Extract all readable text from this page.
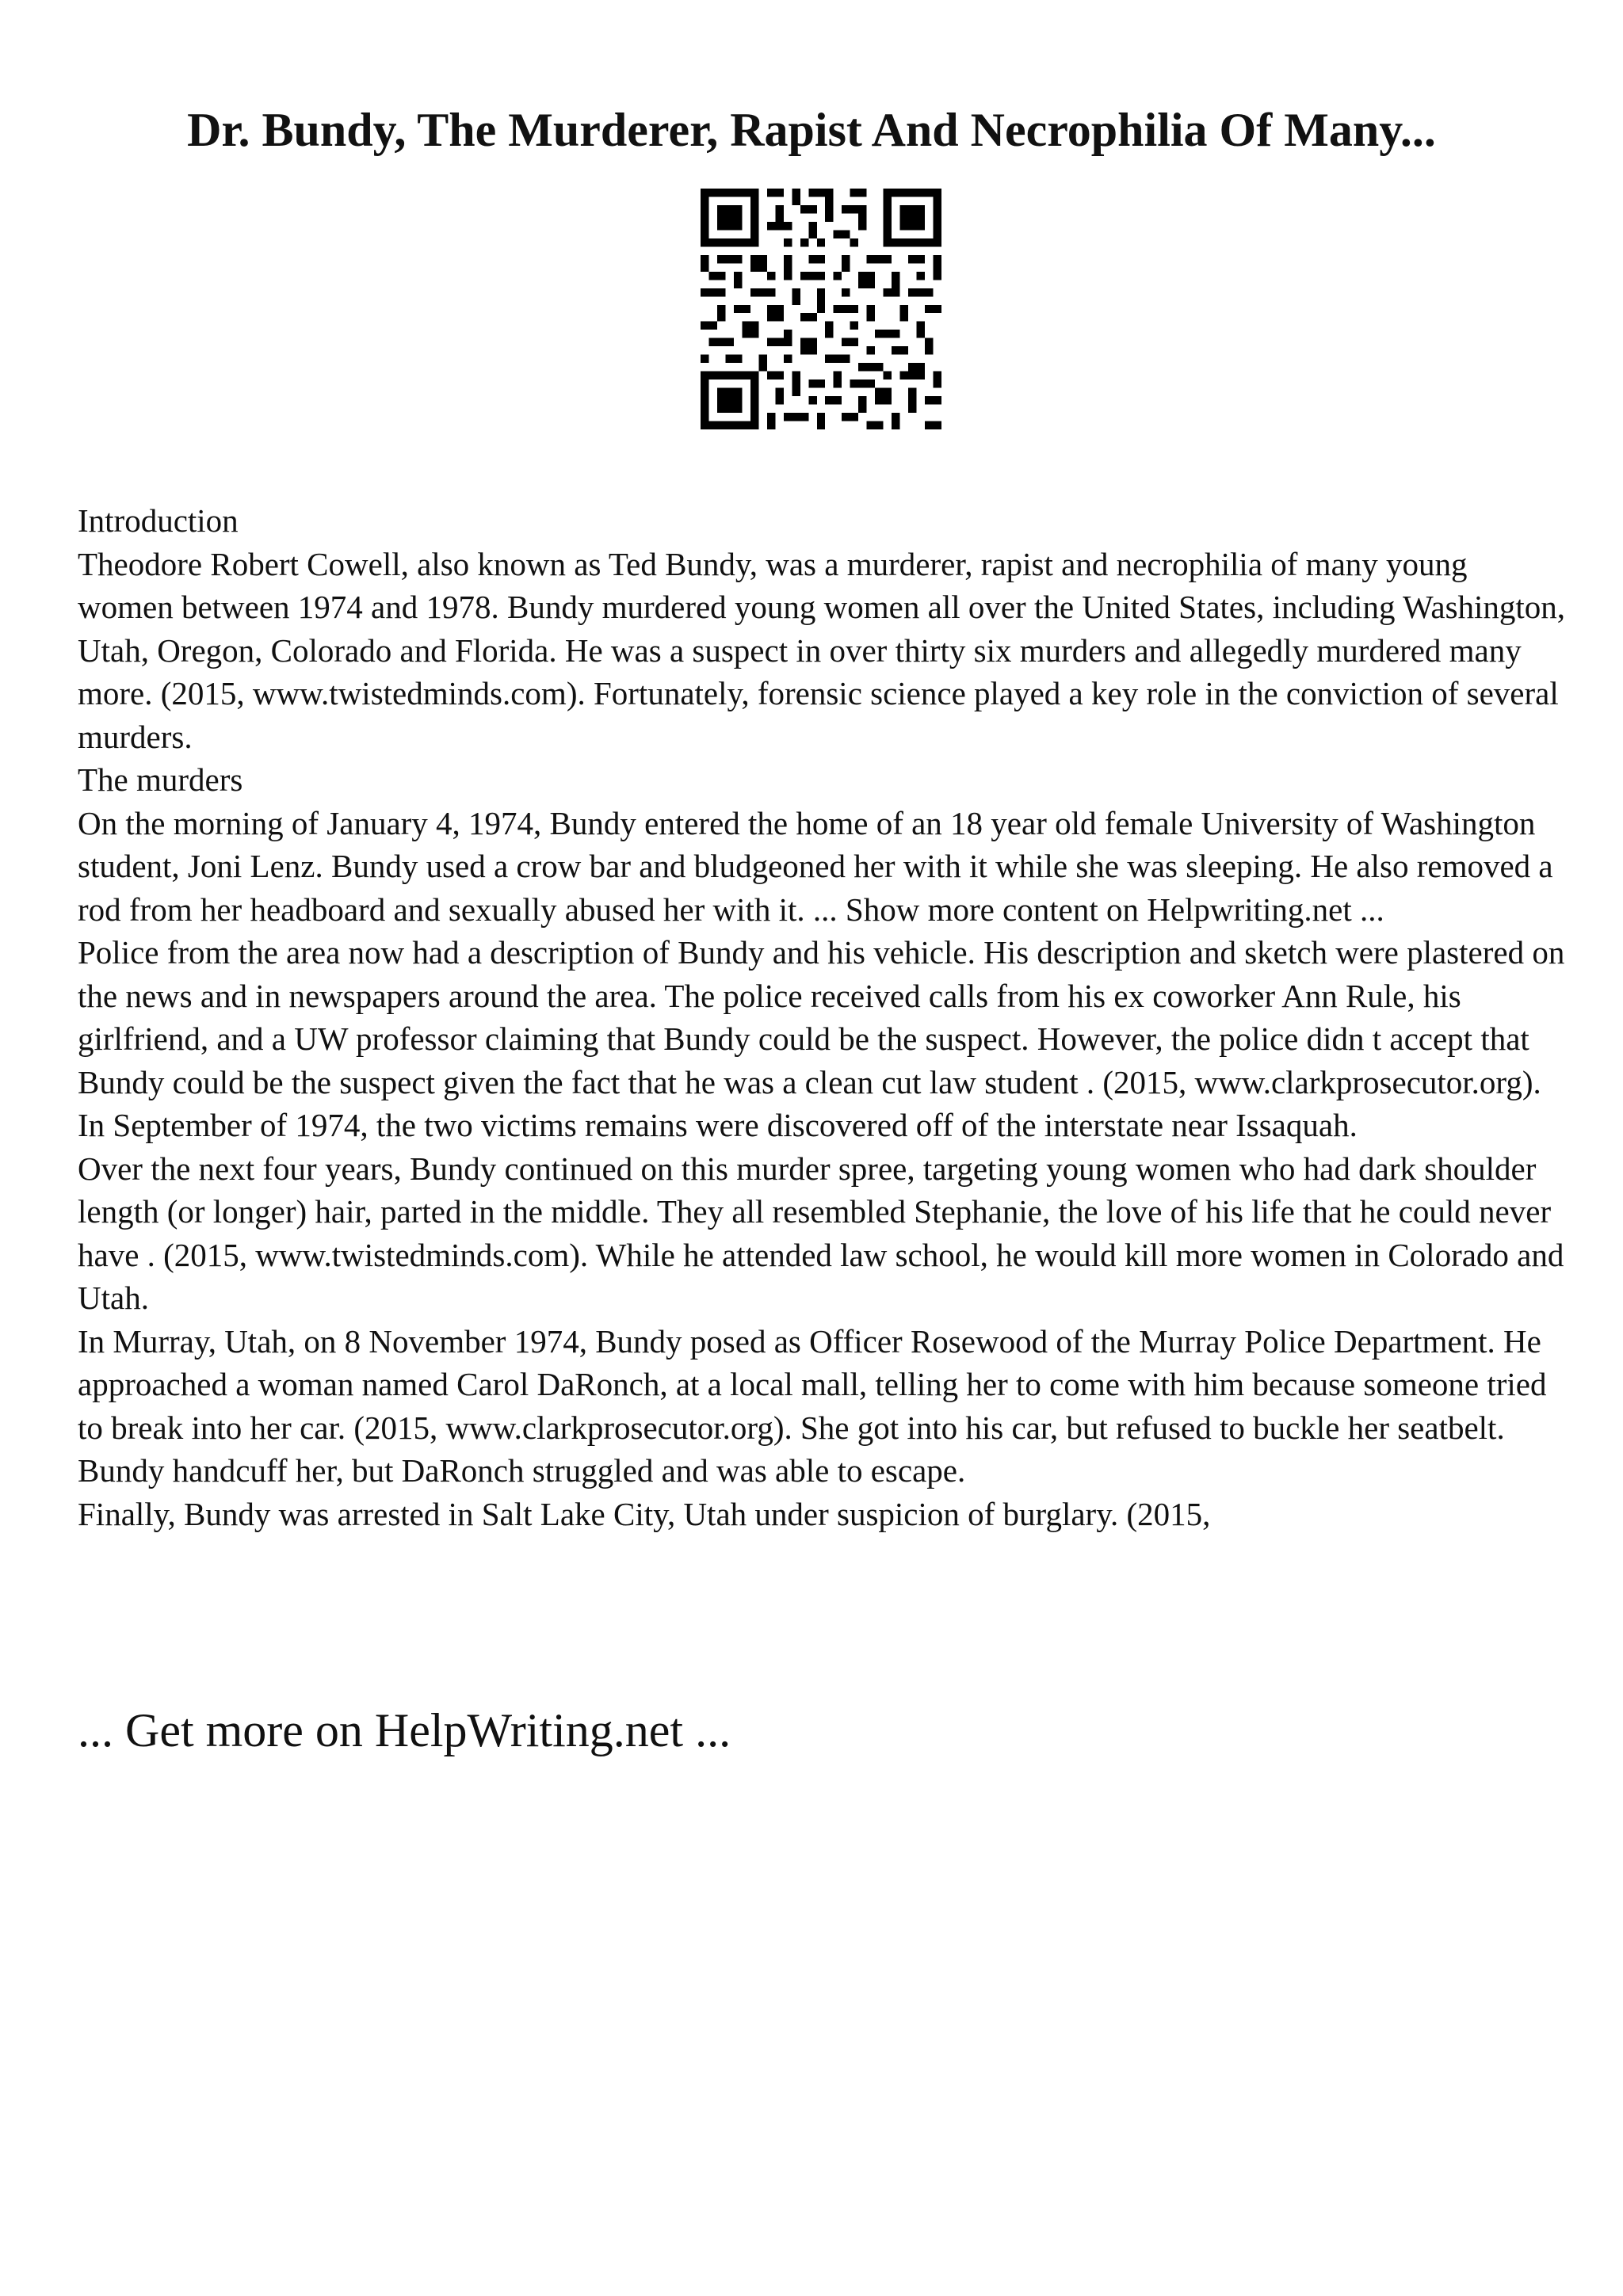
Dr. Bundy, The Murderer, Rapist And Necrophilia Of Many...

Introduction

Theodore Robert Cowell, also known as Ted Bundy, was a murderer, rapist and necrophilia of many young women between 1974 and 1978. Bundy murdered young women all over the United States, including Washington, Utah, Oregon, Colorado and Florida. He was a suspect in over thirty six murders and allegedly murdered many more. (2015, www.twistedminds.com). Fortunately, forensic science played a key role in the conviction of several murders.

The murders

On the morning of January 4, 1974, Bundy entered the home of an 18 year old female University of Washington student, Joni Lenz. Bundy used a crow bar and bludgeoned her with it while she was sleeping. He also removed a rod from her headboard and sexually abused her with it. ... Show more content on Helpwriting.net ...

Police from the area now had a description of Bundy and his vehicle. His description and sketch were plastered on the news and in newspapers around the area. The police received calls from his ex coworker Ann Rule, his girlfriend, and a UW professor claiming that Bundy could be the suspect. However, the police didn t accept that Bundy could be the suspect given the fact that he was a clean cut law student . (2015, www.clarkprosecutor.org). In September of 1974, the two victims remains were discovered off of the interstate near Issaquah.

Over the next four years, Bundy continued on this murder spree, targeting young women who had dark shoulder length (or longer) hair, parted in the middle. They all resembled Stephanie, the love of his life that he could never have . (2015, www.twistedminds.com). While he attended law school, he would kill more women in Colorado and Utah.

In Murray, Utah, on 8 November 1974, Bundy posed as Officer Rosewood of the Murray Police Department. He approached a woman named Carol DaRonch, at a local mall, telling her to come with him because someone tried to break into her car. (2015, www.clarkprosecutor.org). She got into his car, but refused to buckle her seatbelt. Bundy handcuff her, but DaRonch struggled and was able to escape.

Finally, Bundy was arrested in Salt Lake City, Utah under suspicion of burglary. (2015,

... Get more on HelpWriting.net ...
